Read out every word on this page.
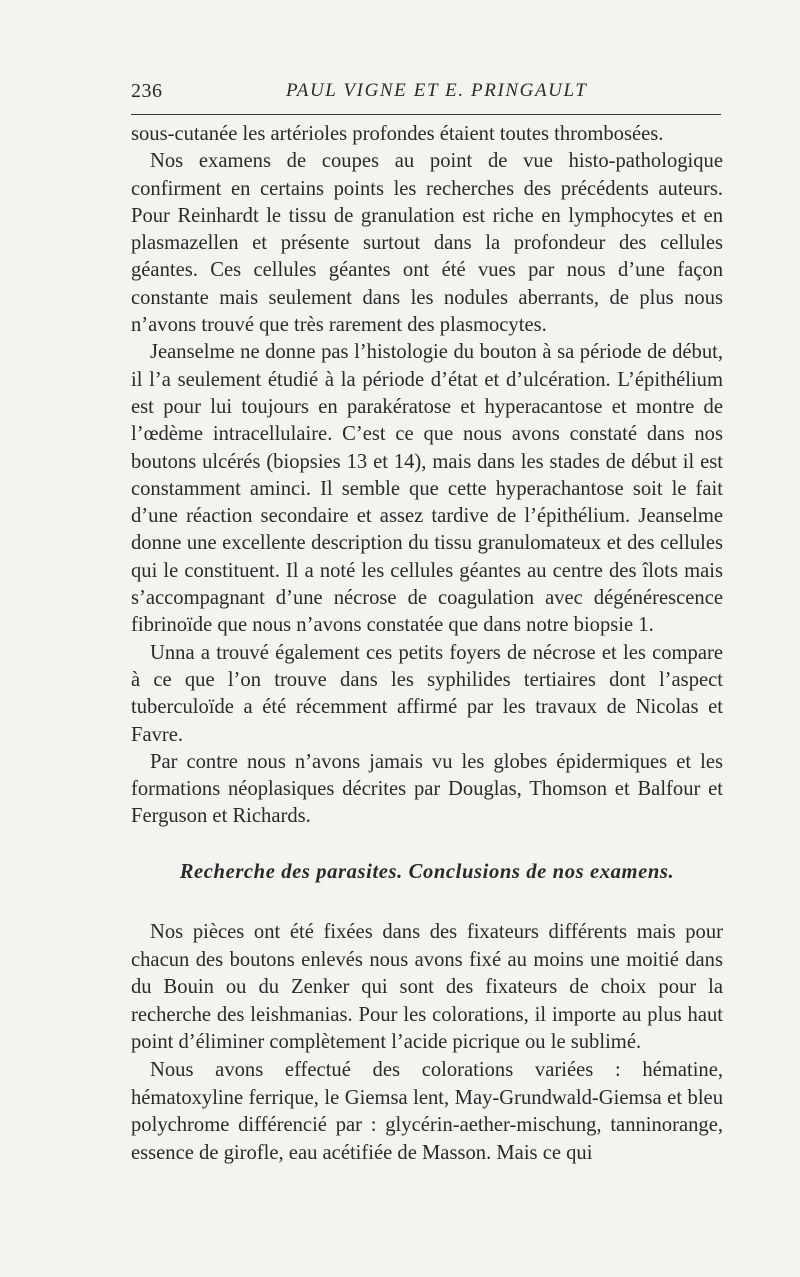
236	PAUL VIGNE ET E. PRINGAULT

sous-cutanée les artérioles profondes étaient toutes thrombosées.

Nos examens de coupes au point de vue histo-pathologique confirment en certains points les recherches des précédents auteurs. Pour Reinhardt le tissu de granulation est riche en lymphocytes et en plasmazellen et présente surtout dans la profondeur des cellules géantes. Ces cellules géantes ont été vues par nous d’une façon constante mais seulement dans les nodules aberrants, de plus nous n’avons trouvé que très rarement des plasmocytes.

Jeanselme ne donne pas l’histologie du bouton à sa période de début, il l’a seulement étudié à la période d’état et d’ulcération. L’épithélium est pour lui toujours en parakératose et hyperacantose et montre de l’œdème intracellulaire. C’est ce que nous avons constaté dans nos boutons ulcérés (biopsies 13 et 14), mais dans les stades de début il est constamment aminci. Il semble que cette hyperachantose soit le fait d’une réaction secondaire et assez tardive de l’épithélium. Jeanselme donne une excellente description du tissu granulomateux et des cellules qui le constituent. Il a noté les cellules géantes au centre des îlots mais s’accompagnant d’une nécrose de coagulation avec dégénérescence fibrinoïde que nous n’avons constatée que dans notre biopsie 1.

Unna a trouvé également ces petits foyers de nécrose et les compare à ce que l’on trouve dans les syphilides tertiaires dont l’aspect tuberculoïde a été récemment affirmé par les travaux de Nicolas et Favre.

Par contre nous n’avons jamais vu les globes épidermiques et les formations néoplasiques décrites par Douglas, Thomson et Balfour et Ferguson et Richards.

Recherche des parasites. Conclusions de nos examens.

Nos pièces ont été fixées dans des fixateurs différents mais pour chacun des boutons enlevés nous avons fixé au moins une moitié dans du Bouin ou du Zenker qui sont des fixateurs de choix pour la recherche des leishmanias. Pour les colorations, il importe au plus haut point d’éliminer complètement l’acide picrique ou le sublimé.

Nous avons effectué des colorations variées : hématine, hématoxyline ferrique, le Giemsa lent, May-Grundwald-Giemsa et bleu polychrome différencié par : glycérin-aether-mischung, tanninorange, essence de girofle, eau acétifiée de Masson. Mais ce qui
